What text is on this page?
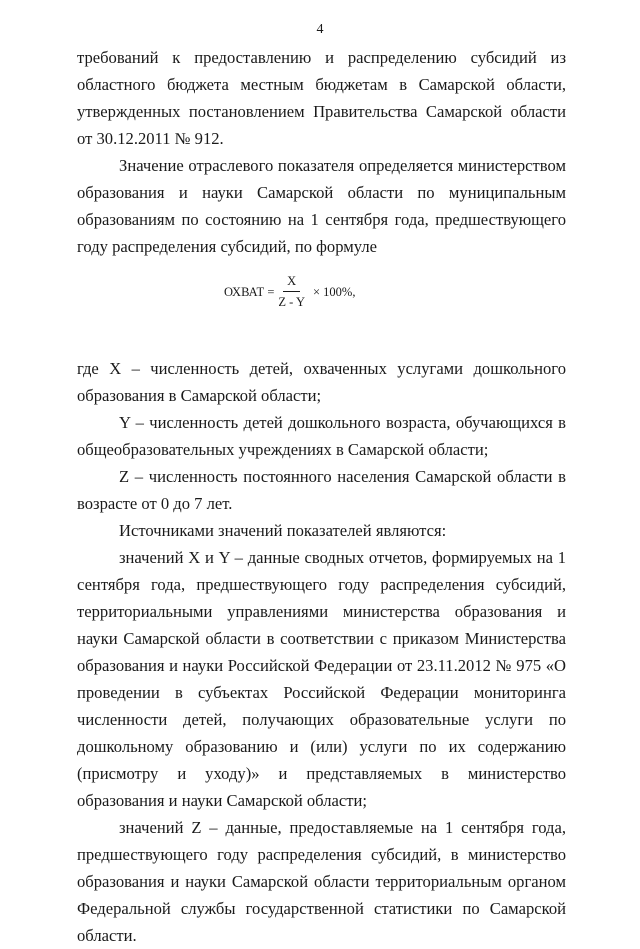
4

требований к предоставлению и распределению субсидий из областного бюджета местным бюджетам в Самарской области, утвержденных постановлением Правительства Самарской области от 30.12.2011 № 912.

Значение отраслевого показателя определяется министерством образования и науки Самарской области по муниципальным образованиям по состоянию на 1 сентября года, предшествующего году распределения субсидий, по формуле

ОХВАТ = $\frac{X}{Z - Y} \times 100\%$,

где X – численность детей, охваченных услугами дошкольного образования в Самарской области;

Y – численность детей дошкольного возраста, обучающихся в общеобразовательных учреждениях в Самарской области;

Z – численность постоянного населения Самарской области в возрасте от 0 до 7 лет.

Источниками значений показателей являются:

значений X и Y – данные сводных отчетов, формируемых на 1 сентября года, предшествующего году распределения субсидий, территориальными управлениями министерства образования и науки Самарской области в соответствии с приказом Министерства образования и науки Российской Федерации от 23.11.2012 № 975 «О проведении в субъектах Российской Федерации мониторинга численности детей, получающих образовательные услуги по дошкольному образованию и (или) услуги по их содержанию (присмотру и уходу)» и представляемых в министерство образования и науки Самарской области;

значений Z – данные, предоставляемые на 1 сентября года, предшествующего году распределения субсидий, в министерство образования и науки Самарской области территориальным органом Федеральной службы государственной статистики по Самарской области.
